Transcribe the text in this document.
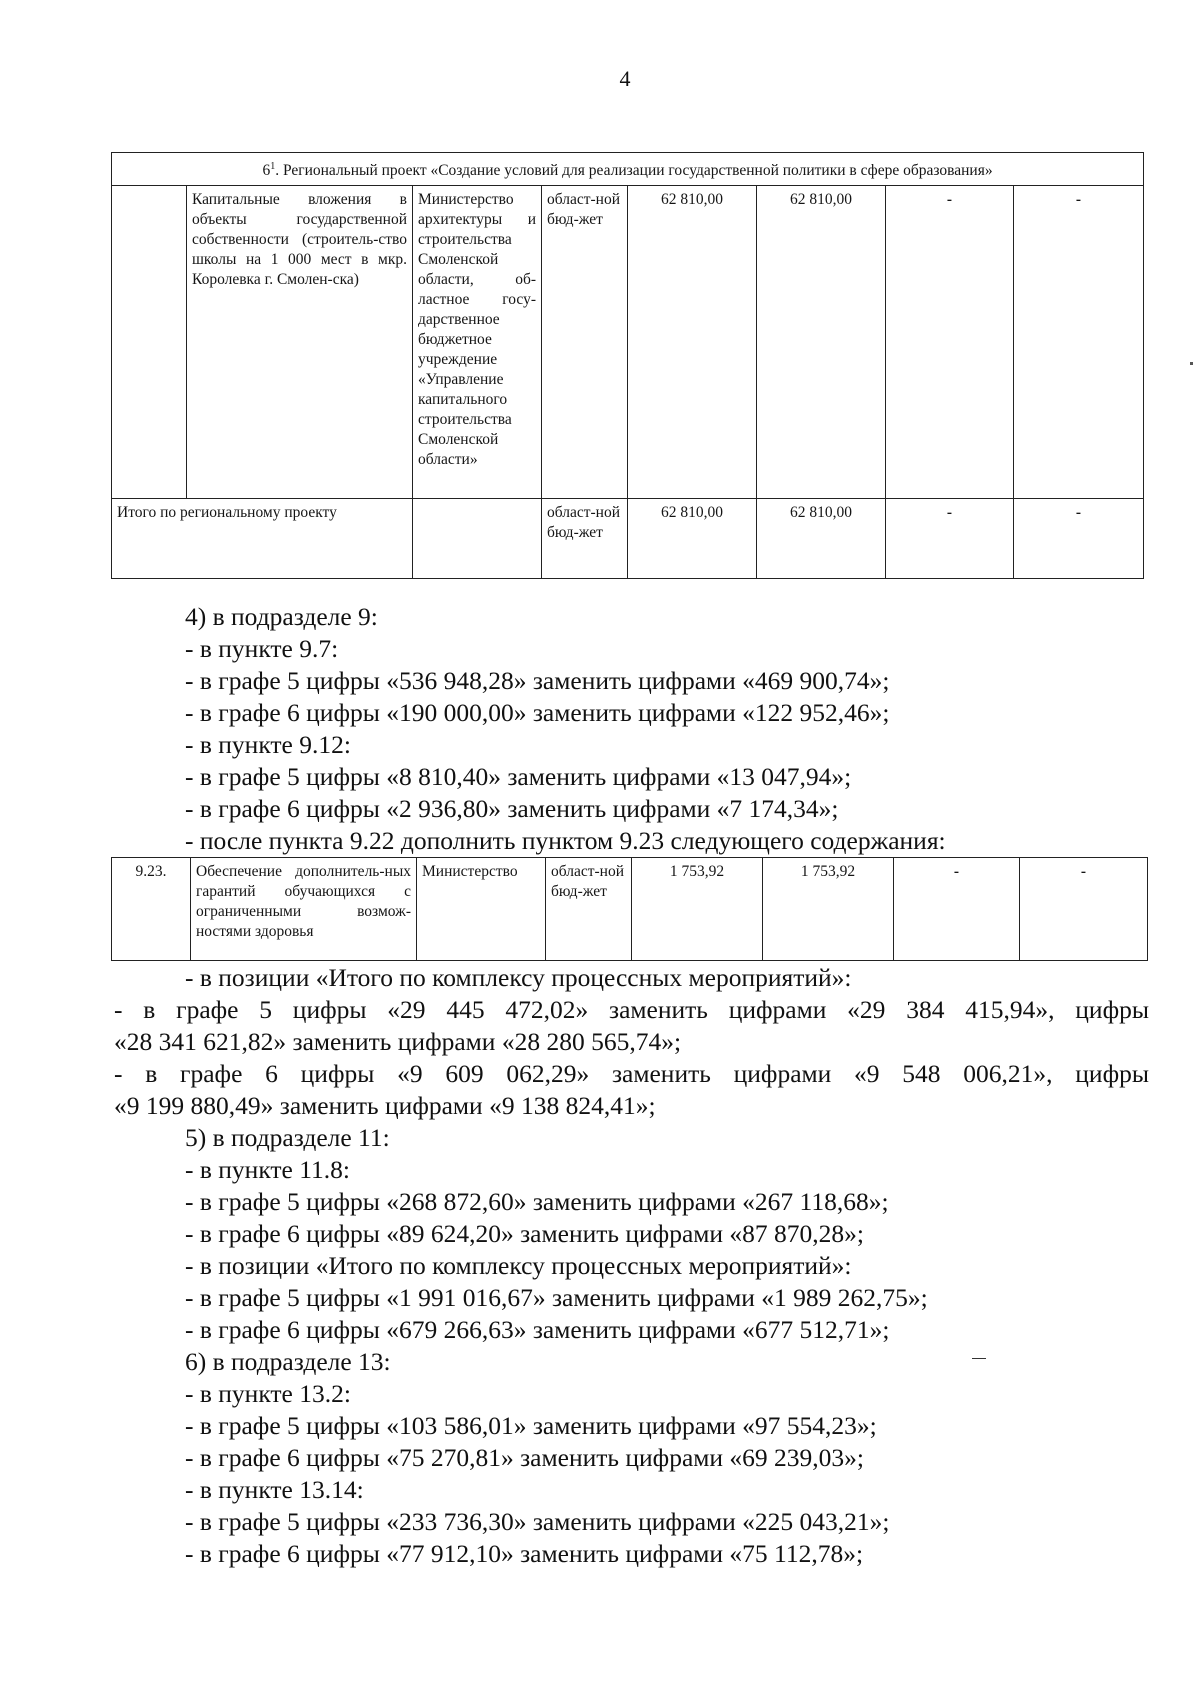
4
$6^1$. Региональный проект «Создание условий для реализации государственной политики в сфере образования»							
	Капитальные вложения в объекты государственной собственности (строитель-ство школы на 1 000 мест в мкр. Королевка г. Смолен-ска)	Министерство архитектуры и строительства Смоленской области, об-ластное госу-дарственное бюджетное учреждение «Управление капитального строительства Смоленской области»	област-ной бюд-жет	62 810,00	62 810,00	-	-
Итого по региональному проекту			област-ной бюд-жет	62 810,00	62 810,00	-	-
4) в подразделе 9:
- в пункте 9.7:
- в графе 5 цифры «536 948,28» заменить цифрами «469 900,74»;
- в графе 6 цифры «190 000,00» заменить цифрами «122 952,46»;
- в пункте 9.12:
- в графе 5 цифры «8 810,40» заменить цифрами «13 047,94»;
- в графе 6 цифры «2 936,80» заменить цифрами «7 174,34»;
- после пункта 9.22 дополнить пунктом 9.23 следующего содержания:
- в позиции «Итого по комплексу процессных мероприятий»:
- в графе 5 цифры «29 445 472,02» заменить цифрами «29 384 415,94», цифры
«28 341 621,82» заменить цифрами «28 280 565,74»;
- в графе 6 цифры «9 609 062,29» заменить цифрами «9 548 006,21», цифры
«9 199 880,49» заменить цифрами «9 138 824,41»;
5) в подразделе 11:
- в пункте 11.8:
- в графе 5 цифры «268 872,60» заменить цифрами «267 118,68»;
- в графе 6 цифры «89 624,20» заменить цифрами «87 870,28»;
- в позиции «Итого по комплексу процессных мероприятий»:
- в графе 5 цифры «1 991 016,67» заменить цифрами «1 989 262,75»;
- в графе 6 цифры «679 266,63» заменить цифрами «677 512,71»;
6) в подразделе 13:
- в пункте 13.2:
- в графе 5 цифры «103 586,01» заменить цифрами «97 554,23»;
- в графе 6 цифры «75 270,81» заменить цифрами «69 239,03»;
- в пункте 13.14:
- в графе 5 цифры «233 736,30» заменить цифрами «225 043,21»;
- в графе 6 цифры «77 912,10» заменить цифрами «75 112,78»;
9.23.	Обеспечение дополнитель-ных гарантий обучающихся с ограниченными возмож-ностями здоровья	Министерство	област-ной бюд-жет	1 753,92	1 753,92	-	-
